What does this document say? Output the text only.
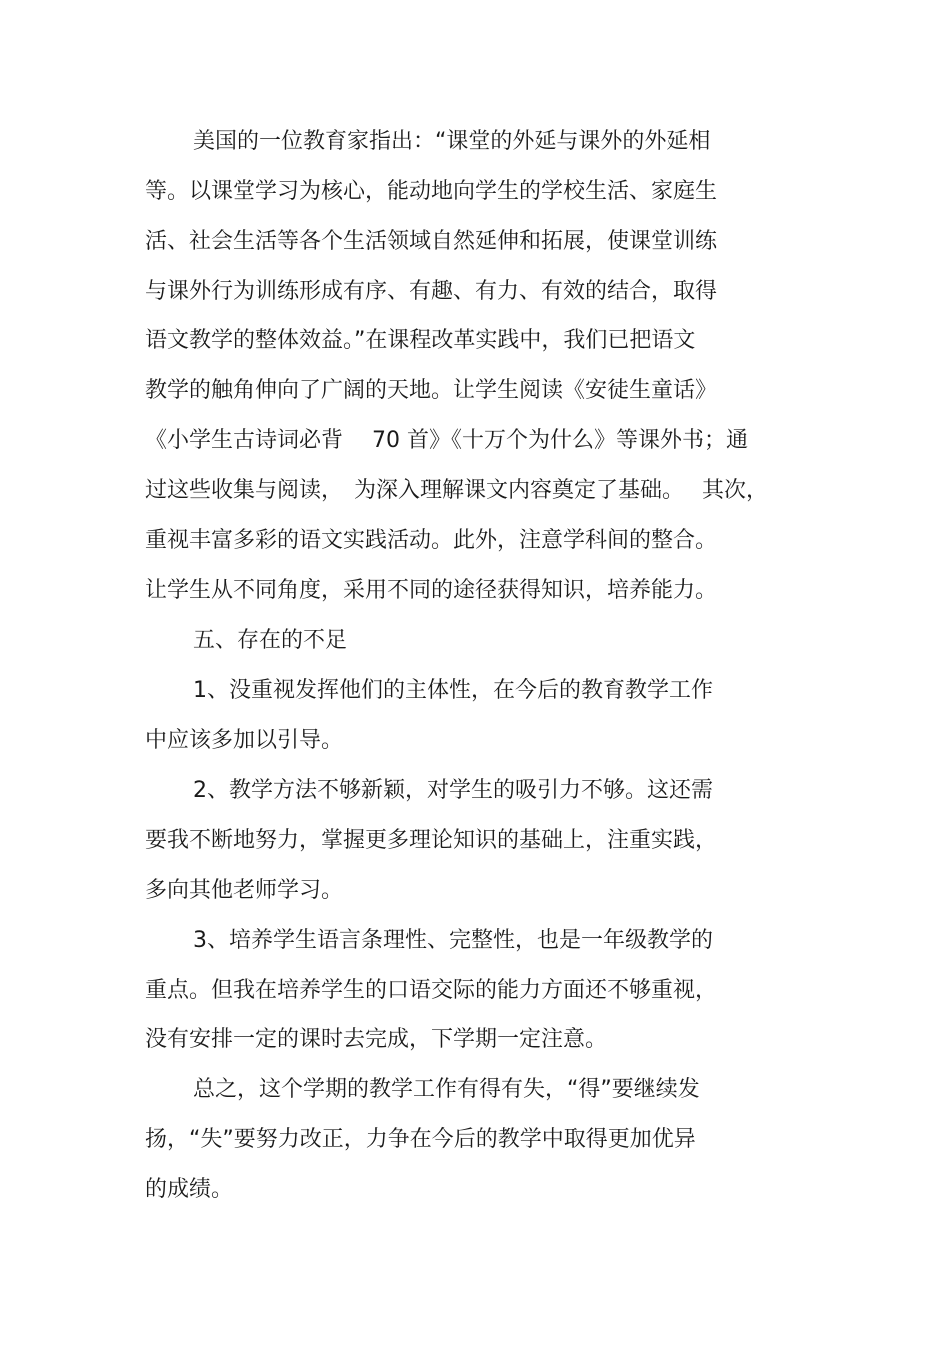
美国的一位教育家指出：“课堂的外延与课外的外延相
等。以课堂学习为核心，能动地向学生的学校生活、家庭生
活、社会生活等各个生活领域自然延伸和拓展，使课堂训练
与课外行为训练形成有序、有趣、有力、有效的结合，取得
语文教学的整体效益。”在课程改革实践中，我们已把语文
教学的触角伸向了广阔的天地。让学生阅读《安徒生童话》
《小学生古诗词必背　 70 首》《十万个为什么》等课外书；通
过这些收集与阅读，　为深入理解课文内容奠定了基础。　 其次，
重视丰富多彩的语文实践活动。此外，注意学科间的整合。
让学生从不同角度，采用不同的途径获得知识，培养能力。
五、存在的不足
1、没重视发挥他们的主体性，在今后的教育教学工作
中应该多加以引导。
2、教学方法不够新颖，对学生的吸引力不够。这还需
要我不断地努力，掌握更多理论知识的基础上，注重实践，
多向其他老师学习。
3、培养学生语言条理性、完整性，也是一年级教学的
重点。但我在培养学生的口语交际的能力方面还不够重视，
没有安排一定的课时去完成，下学期一定注意。
总之，这个学期的教学工作有得有失，“得”要继续发
扬，“失”要努力改正，力争在今后的教学中取得更加优异
的成绩。
